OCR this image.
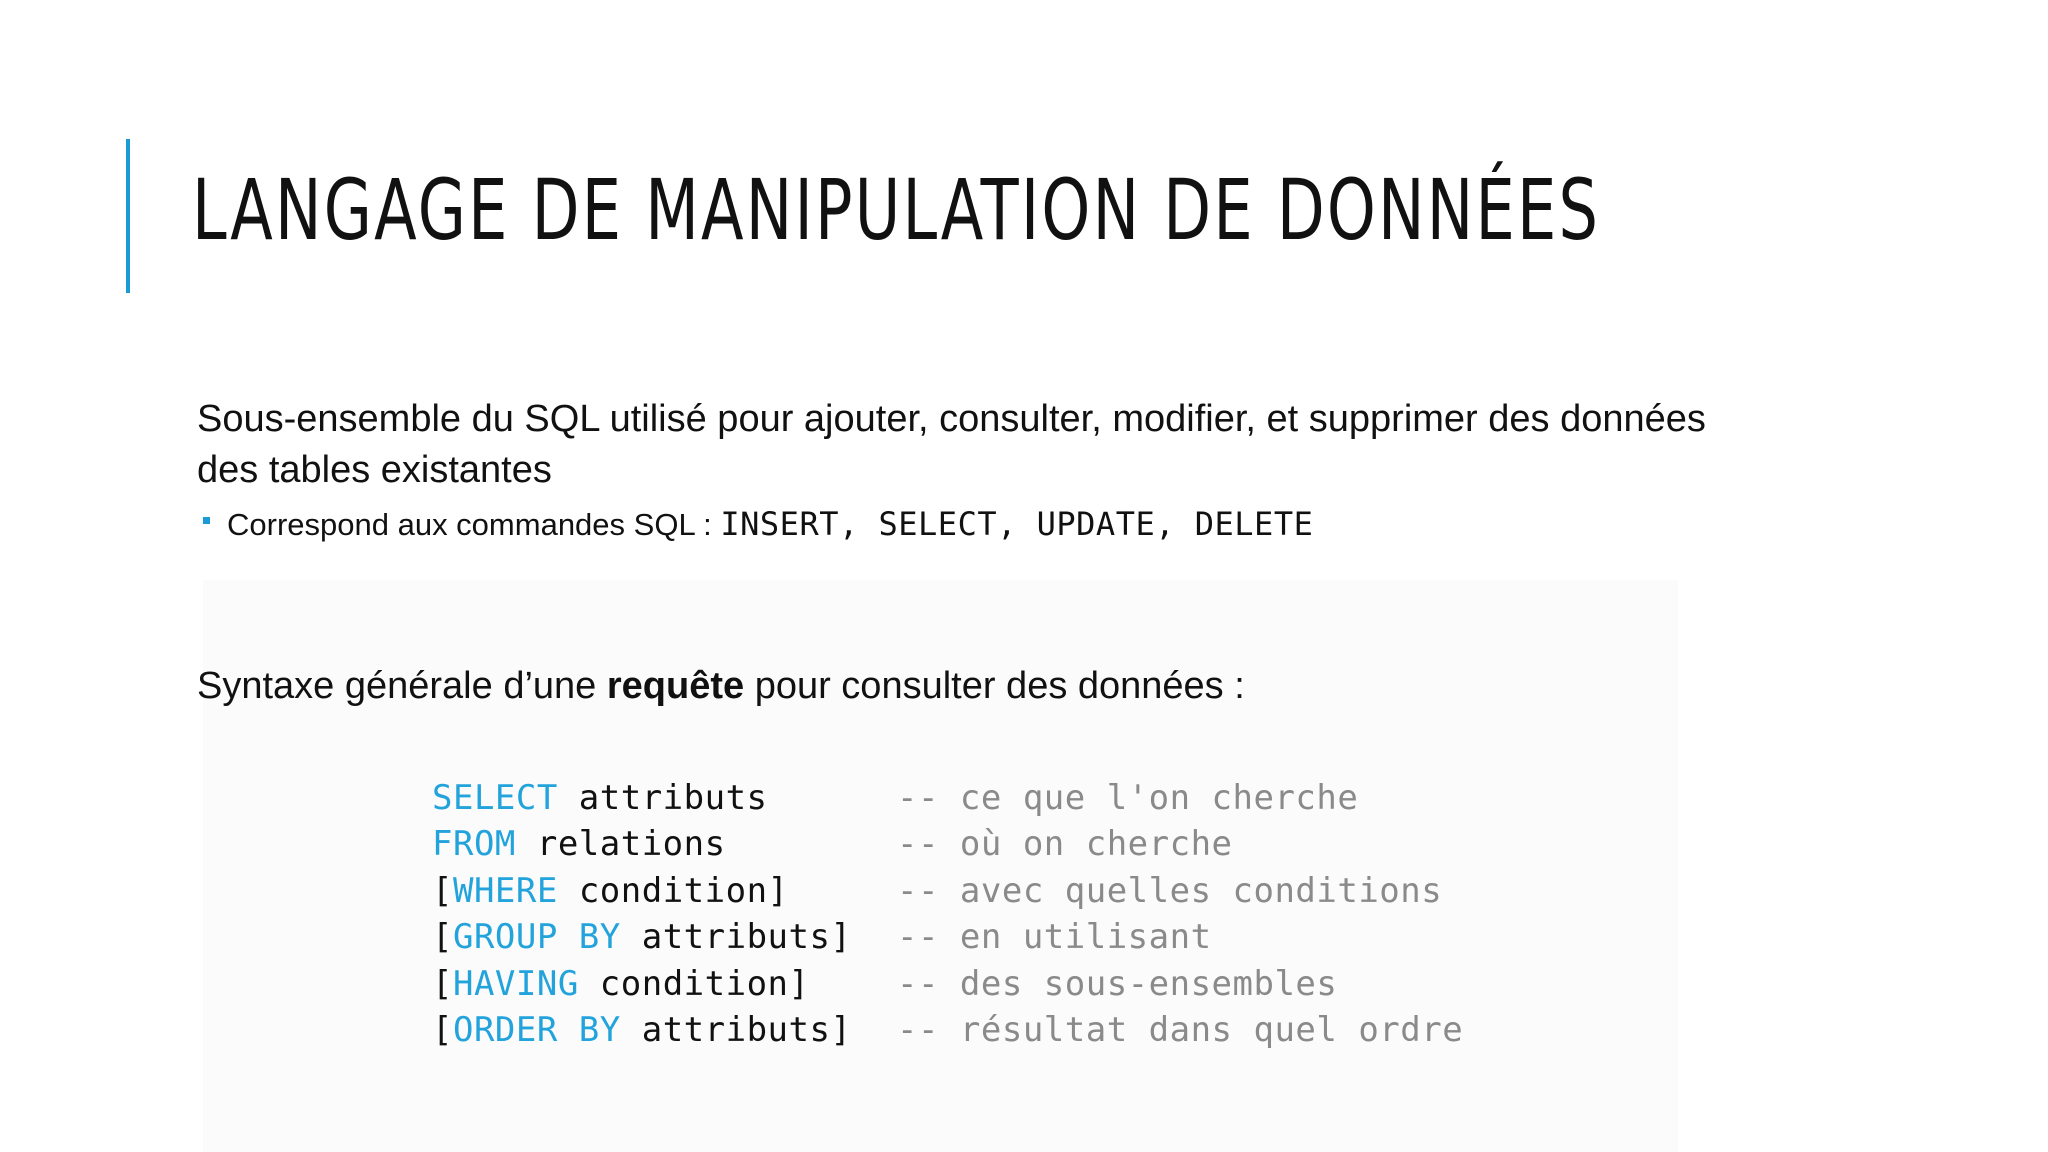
LANGAGE DE MANIPULATION DE DONNÉES

Sous-ensemble du SQL utilisé pour ajouter, consulter, modifier, et supprimer des données des tables existantes

Correspond aux commandes SQL : INSERT, SELECT, UPDATE, DELETE

Syntaxe générale d’une requête pour consulter des données :

SELECT attributs	-- ce que l'on cherche
FROM relations	-- où on cherche
[WHERE condition]	-- avec quelles conditions
[GROUP BY attributs] -- en utilisant
[HAVING condition]	-- des sous-ensembles
[ORDER BY attributs] -- résultat dans quel ordre
